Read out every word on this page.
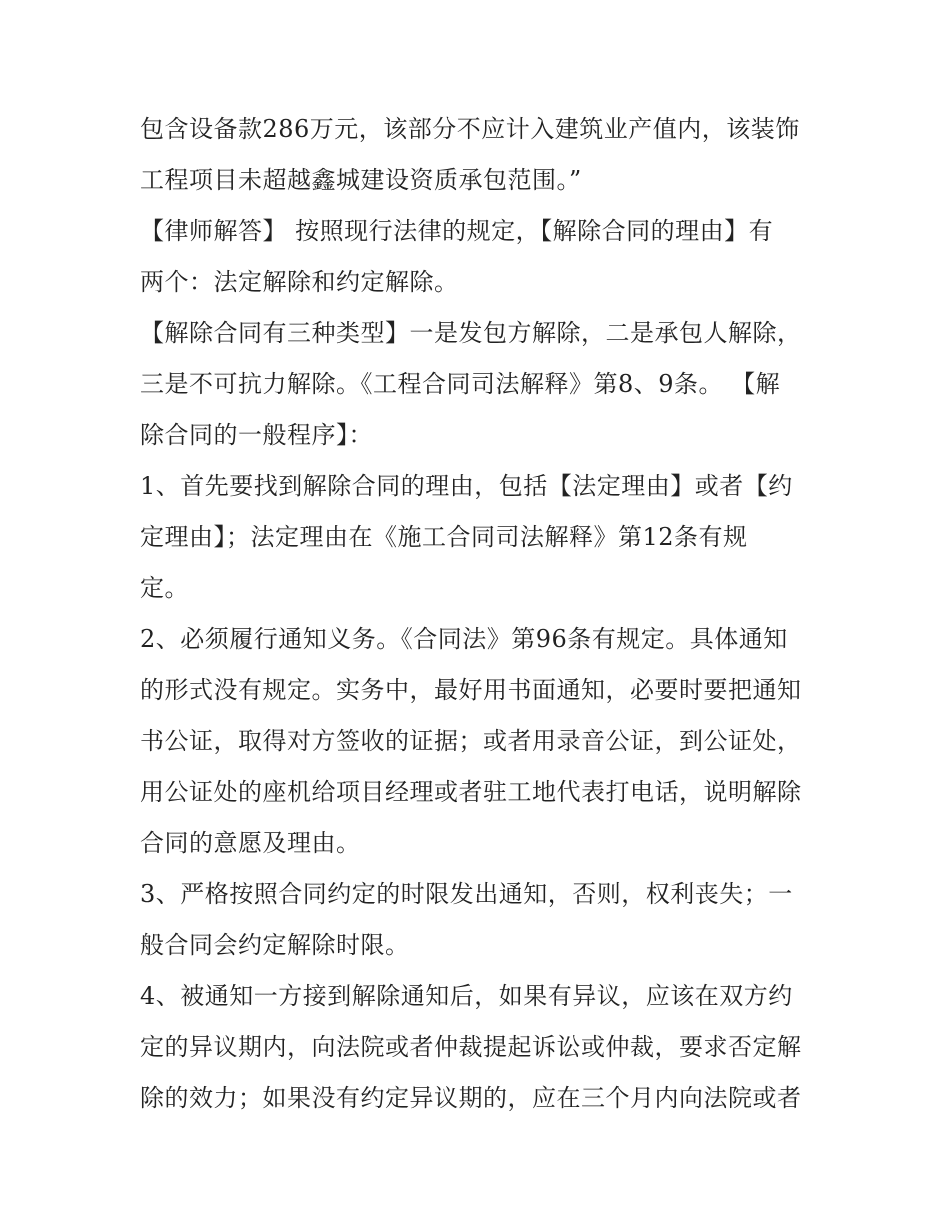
包含设备款286万元，该部分不应计入建筑业产值内，该装饰
工程项目未超越鑫城建设资质承包范围。”
【律师解答】 按照现行法律的规定，【解除合同的理由】有
两个：法定解除和约定解除。
【解除合同有三种类型】一是发包方解除，二是承包人解除，
三是不可抗力解除。《工程合同司法解释》第8、9条。 【解
除合同的一般程序】：
1、首先要找到解除合同的理由，包括【法定理由】或者【约
定理由】；法定理由在《施工合同司法解释》第12条有规
定。
2、必须履行通知义务。《合同法》第96条有规定。具体通知
的形式没有规定。实务中，最好用书面通知，必要时要把通知
书公证，取得对方签收的证据；或者用录音公证，到公证处，
用公证处的座机给项目经理或者驻工地代表打电话，说明解除
合同的意愿及理由。
3、严格按照合同约定的时限发出通知，否则，权利丧失；一
般合同会约定解除时限。
4、被通知一方接到解除通知后，如果有异议，应该在双方约
定的异议期内，向法院或者仲裁提起诉讼或仲裁，要求否定解
除的效力；如果没有约定异议期的，应在三个月内向法院或者
